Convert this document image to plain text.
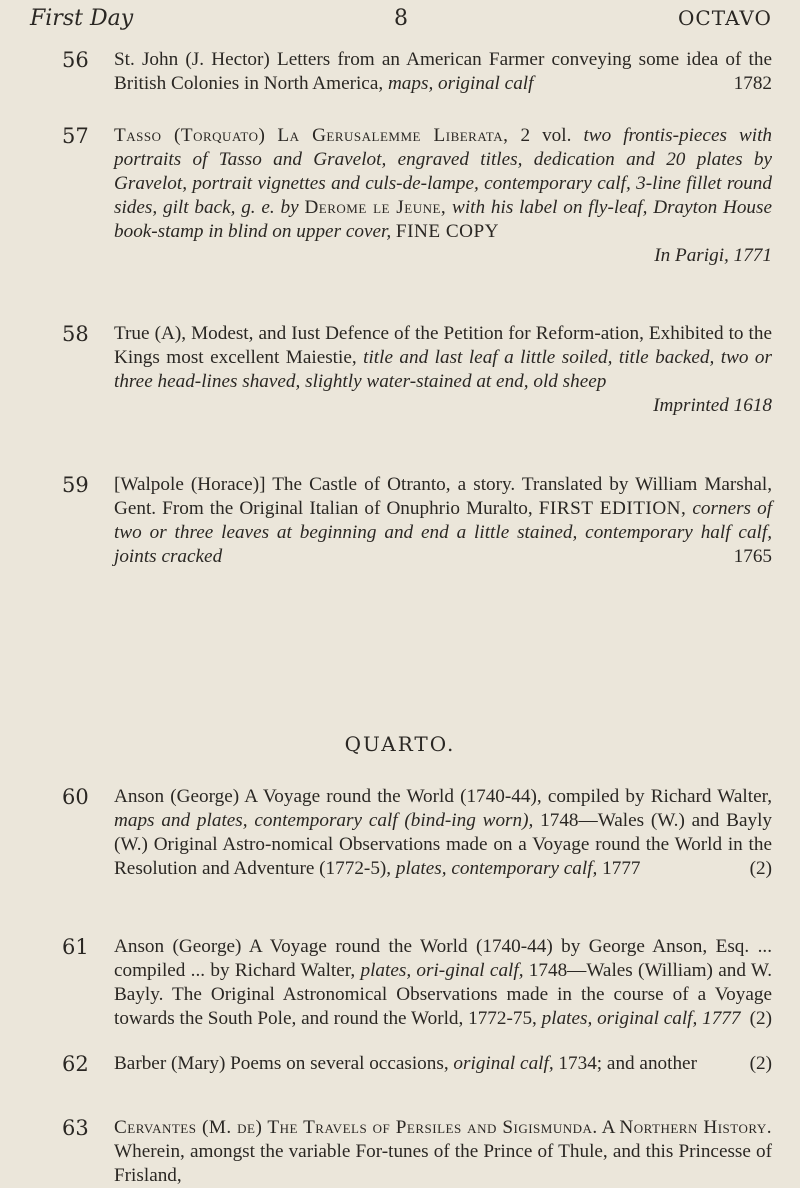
First Day	8	OCTAVO
56 St. John (J. Hector) Letters from an American Farmer conveying some idea of the British Colonies in North America, maps, original calf	1782
57 Tasso (Torquato) La Gerusalemme Liberata, 2 vol. two frontis-pieces with portraits of Tasso and Gravelot, engraved titles, dedication and 20 plates by Gravelot, portrait vignettes and culs-de-lampe, contemporary calf, 3-line fillet round sides, gilt back, g. e. by Derome le Jeune, with his label on fly-leaf, Drayton House book-stamp in blind on upper cover, FINE COPY
In Parigi, 1771
58 True (A), Modest, and Iust Defence of the Petition for Reform-ation, Exhibited to the Kings most excellent Maiestie, title and last leaf a little soiled, title backed, two or three head-lines shaved, slightly water-stained at end, old sheep
Imprinted 1618
59 [Walpole (Horace)] The Castle of Otranto, a story. Translated by William Marshal, Gent. From the Original Italian of Onuphrio Muralto, FIRST EDITION, corners of two or three leaves at beginning and end a little stained, contemporary half calf, joints cracked	1765
QUARTO.
60 Anson (George) A Voyage round the World (1740-44), compiled by Richard Walter, maps and plates, contemporary calf (bind-ing worn), 1748—Wales (W.) and Bayly (W.) Original Astro-nomical Observations made on a Voyage round the World in the Resolution and Adventure (1772-5), plates, contemporary calf, 1777	(2)
61 Anson (George) A Voyage round the World (1740-44) by George Anson, Esq. ... compiled ... by Richard Walter, plates, ori-ginal calf, 1748—Wales (William) and W. Bayly. The Original Astronomical Observations made in the course of a Voyage towards the South Pole, and round the World, 1772-75, plates, original calf, 1777 (2)
62 Barber (Mary) Poems on several occasions, original calf, 1734; and another	(2)
63 Cervantes (M. de) The Travels of Persiles and Sigismunda. A Northern History. Wherein, amongst the variable For-tunes of the Prince of Thule, and this Princesse of Frisland,
